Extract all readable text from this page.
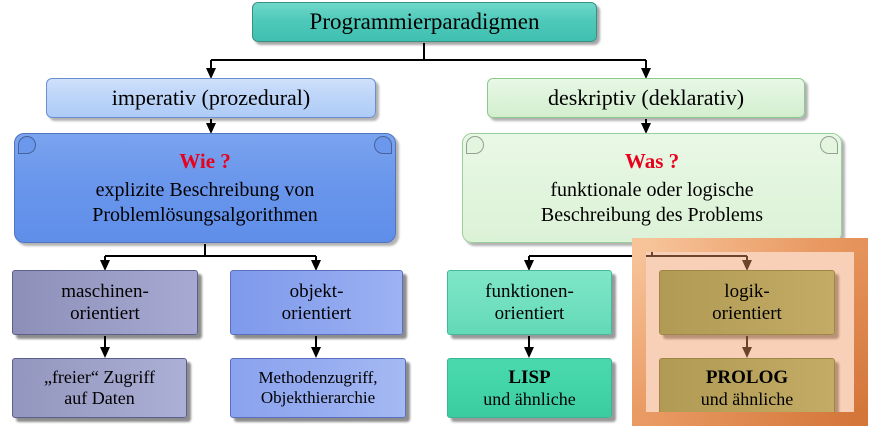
Programmierparadigmen
imperativ (prozedural)	deskriptiv (deklarativ)
Wie ?
explizite Beschreibung von
Problemlösungsalgorithmen
Was ?
funktionale oder logische
Beschreibung des Problems
maschinen-
orientiert
objekt-
orientiert
funktionen-
orientiert
logik-
orientiert
„freier“ Zugriff
auf Daten
Methodenzugriff,
Objekthierarchie
LISP
und ähnliche
PROLOG
und ähnliche
